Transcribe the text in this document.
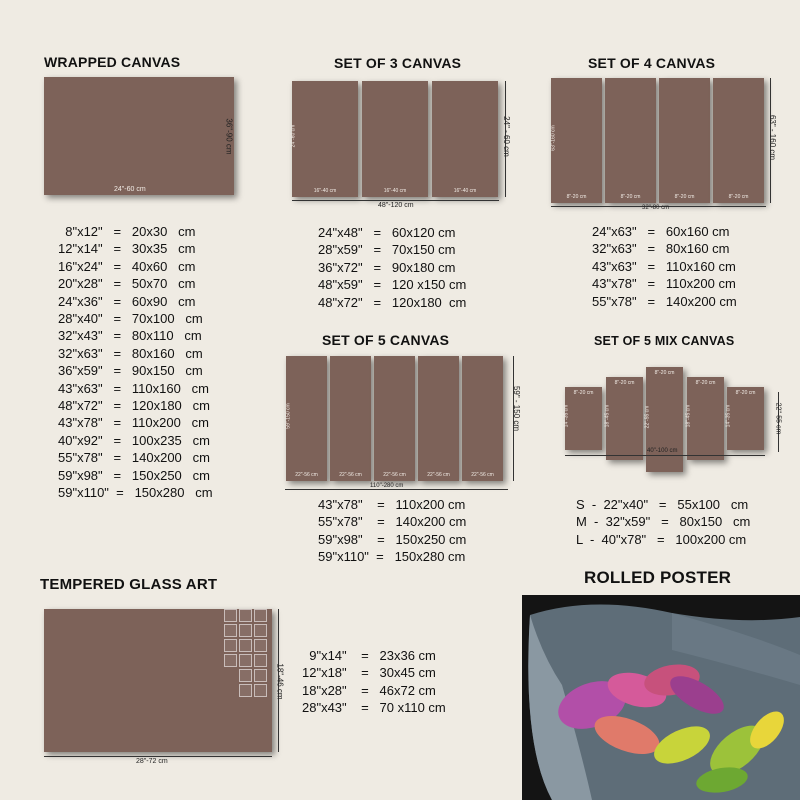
WRAPPED CANVAS
24"-60 cm
36"-90 cm
8"x12"   =   20x30   cm
12"x14"   =   30x35   cm
16"x24"   =   40x60   cm
20"x28"   =   50x70   cm
24"x36"   =   60x90   cm
28"x40"   =   70x100   cm
32"x43"   =   80x110   cm
32"x63"   =   80x160   cm
36"x59"   =   90x150   cm
43"x63"   =   110x160   cm
48"x72"   =   120x180   cm
43"x78"   =   110x200   cm
40"x92"   =   100x235   cm
55"x78"   =   140x200   cm
59"x98"   =   150x250   cm
59"x110"  =   150x280   cm
SET OF 3 CANVAS
16"-40 cm
24"-60 cm
16"-40 cm	16"-40 cm
48"-120 cm
24" - 60 cm
24"x48"   =   60x120 cm
28"x59"   =   70x150 cm
36"x72"   =   90x180 cm
48"x59"   =   120 x150 cm
48"x72"   =   120x180  cm
SET OF 4 CANVAS
8"-20 cm
63"-160 cm
8"-20 cm	8"-20 cm	8"-20 cm
32"-80 cm
63" - 160 cm
24"x63"   =   60x160 cm
32"x63"   =   80x160 cm
43"x63"   =   110x160 cm
43"x78"   =   110x200 cm
55"x78"   =   140x200 cm
SET OF 5 CANVAS
22"-56 cm
59"-150 cm
22"-56 cm	22"-56 cm	22"-56 cm	22"-56 cm
110"-280 cm
59" - 150 cm
43"x78"    =   110x200 cm
55"x78"    =   140x200 cm
59"x98"    =   150x250 cm
59"x110"  =   150x280 cm
SET OF 5 MIX CANVAS
14"-35 cm
8"-20 cm
18"-45 cm
8"-20 cm
22"-55 cm
8"-20 cm
18"-45 cm
8"-20 cm
14"-35 cm
8"-20 cm
40"-100 cm
22"-55 cm
S  -  22"x40"   =   55x100   cm
M  -  32"x59"   =   80x150   cm
L  -  40"x78"   =   100x200 cm
TEMPERED GLASS ART
28"-72 cm
18"-46 cm
9"x14"    =   23x36 cm
12"x18"    =   30x45 cm
18"x28"    =   46x72 cm
28"x43"    =   70 x110 cm
ROLLED POSTER
